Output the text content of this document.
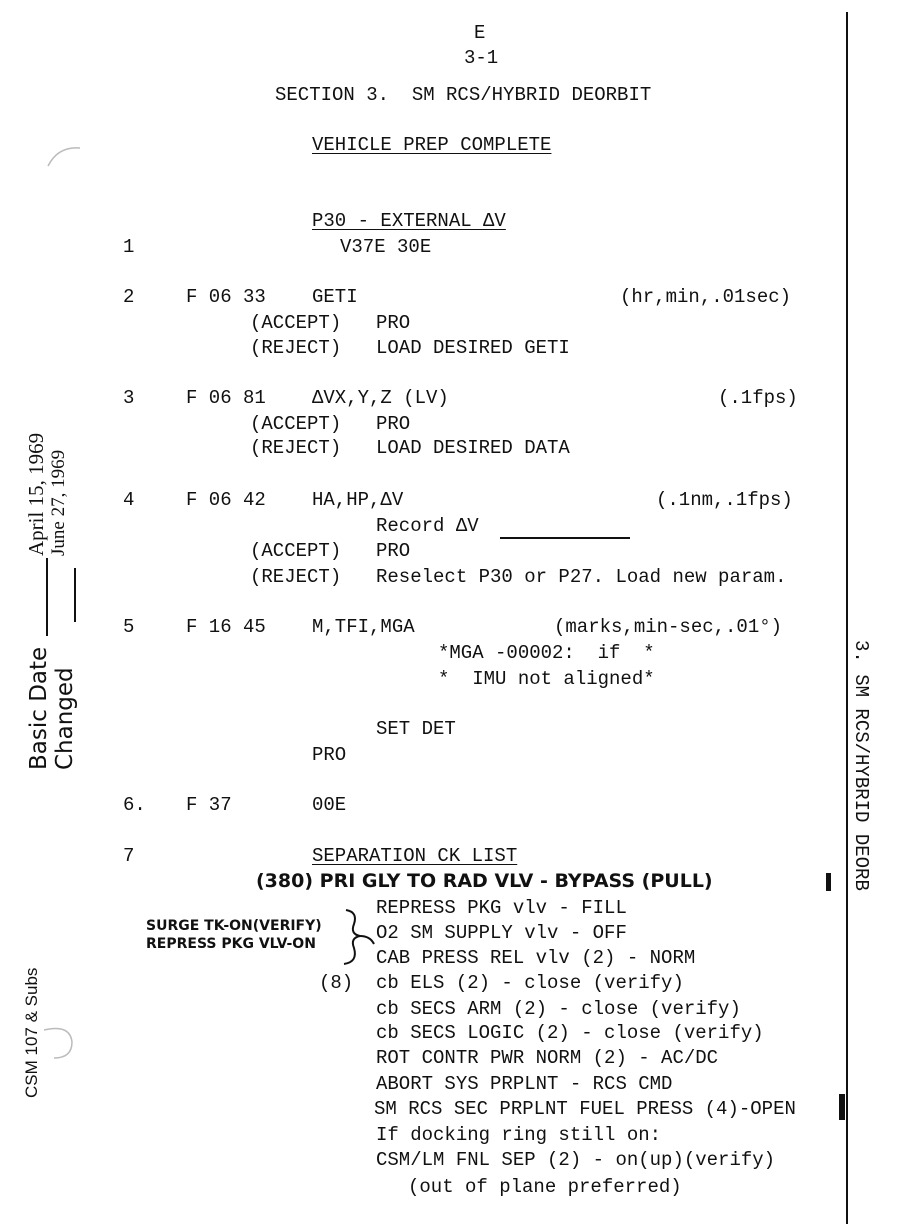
E
3-1
SECTION 3.  SM RCS/HYBRID DEORBIT
VEHICLE PREP COMPLETE
P30 - EXTERNAL ΔV
1	V37E 30E
2	F 06 33 GETI	(hr,min,.01sec)
(ACCEPT) PRO
(REJECT) LOAD DESIRED GETI
3	F 06 81 ΔVX,Y,Z (LV)	(.1fps)
(ACCEPT) PRO
(REJECT) LOAD DESIRED DATA
4	F 06 42 HA,HP,ΔV	(.1nm,.1fps)
Record ΔV
(ACCEPT) PRO
(REJECT) Reselect P30 or P27. Load new param.
5	F 16 45 M,TFI,MGA	(marks,min-sec,.01°)
*MGA -00002:  if  *
*  IMU not aligned*
SET DET
PRO
6. F 37	00E
7	SEPARATION CK LIST
(380) PRI GLY TO RAD VLV - BYPASS (PULL)
SURGE TK-ON(VERIFY)
REPRESS PKG VLV-ON
(8)
REPRESS PKG vlv - FILL
O2 SM SUPPLY vlv - OFF
CAB PRESS REL vlv (2) - NORM
cb ELS (2) - close (verify)
cb SECS ARM (2) - close (verify)
cb SECS LOGIC (2) - close (verify)
ROT CONTR PWR NORM (2) - AC/DC
ABORT SYS PRPLNT - RCS CMD
SM RCS SEC PRPLNT FUEL PRESS (4)-OPEN
If docking ring still on:
CSM/LM FNL SEP (2) - on(up)(verify)
(out of plane preferred)
3. SM RCS/HYBRID DEORB
Basic Date Changed
April 15, 1969 June 27, 1969
CSM 107 & Subs
